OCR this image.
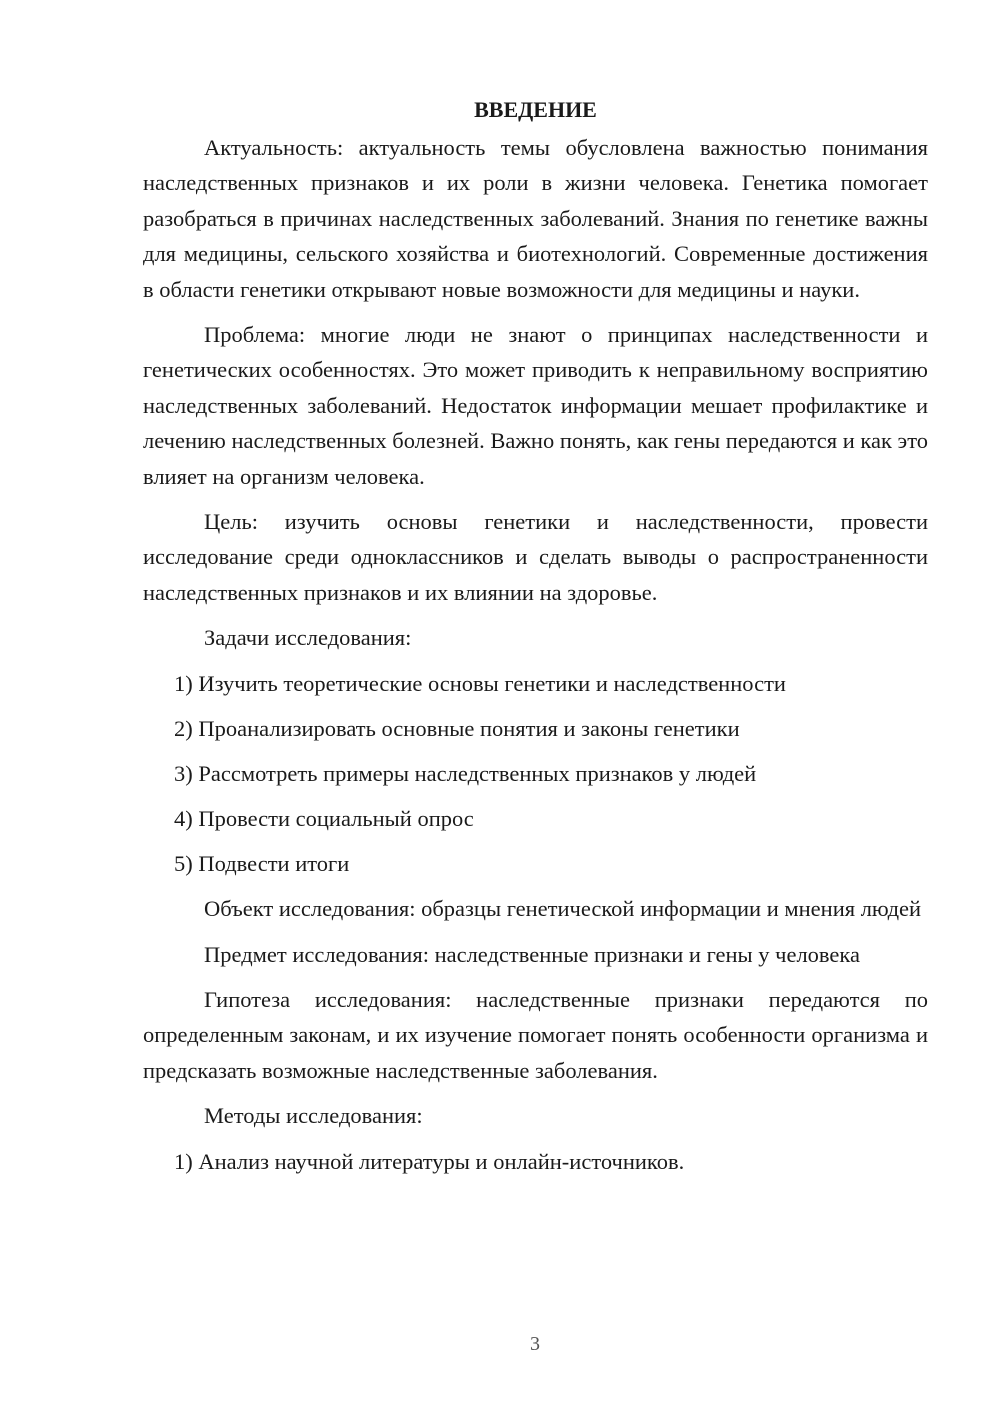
ВВЕДЕНИЕ

Актуальность: актуальность темы обусловлена важностью понимания наследственных признаков и их роли в жизни человека. Генетика помогает разобраться в причинах наследственных заболеваний. Знания по генетике важны для медицины, сельского хозяйства и биотехнологий. Современные достижения в области генетики открывают новые возможности для медицины и науки.

Проблема: многие люди не знают о принципах наследственности и генетических особенностях. Это может приводить к неправильному восприятию наследственных заболеваний. Недостаток информации мешает профилактике и лечению наследственных болезней. Важно понять, как гены передаются и как это влияет на организм человека.

Цель: изучить основы генетики и наследственности, провести исследование среди одноклассников и сделать выводы о распространенности наследственных признаков и их влиянии на здоровье.

Задачи исследования:

1) Изучить теоретические основы генетики и наследственности
2) Проанализировать основные понятия и законы генетики
3) Рассмотреть примеры наследственных признаков у людей
4) Провести социальный опрос
5) Подвести итоги

Объект исследования: образцы генетической информации и мнения людей

Предмет исследования: наследственные признаки и гены у человека

Гипотеза исследования: наследственные признаки передаются по определенным законам, и их изучение помогает понять особенности организма и предсказать возможные наследственные заболевания.

Методы исследования:

1) Анализ научной литературы и онлайн-источников.
3
